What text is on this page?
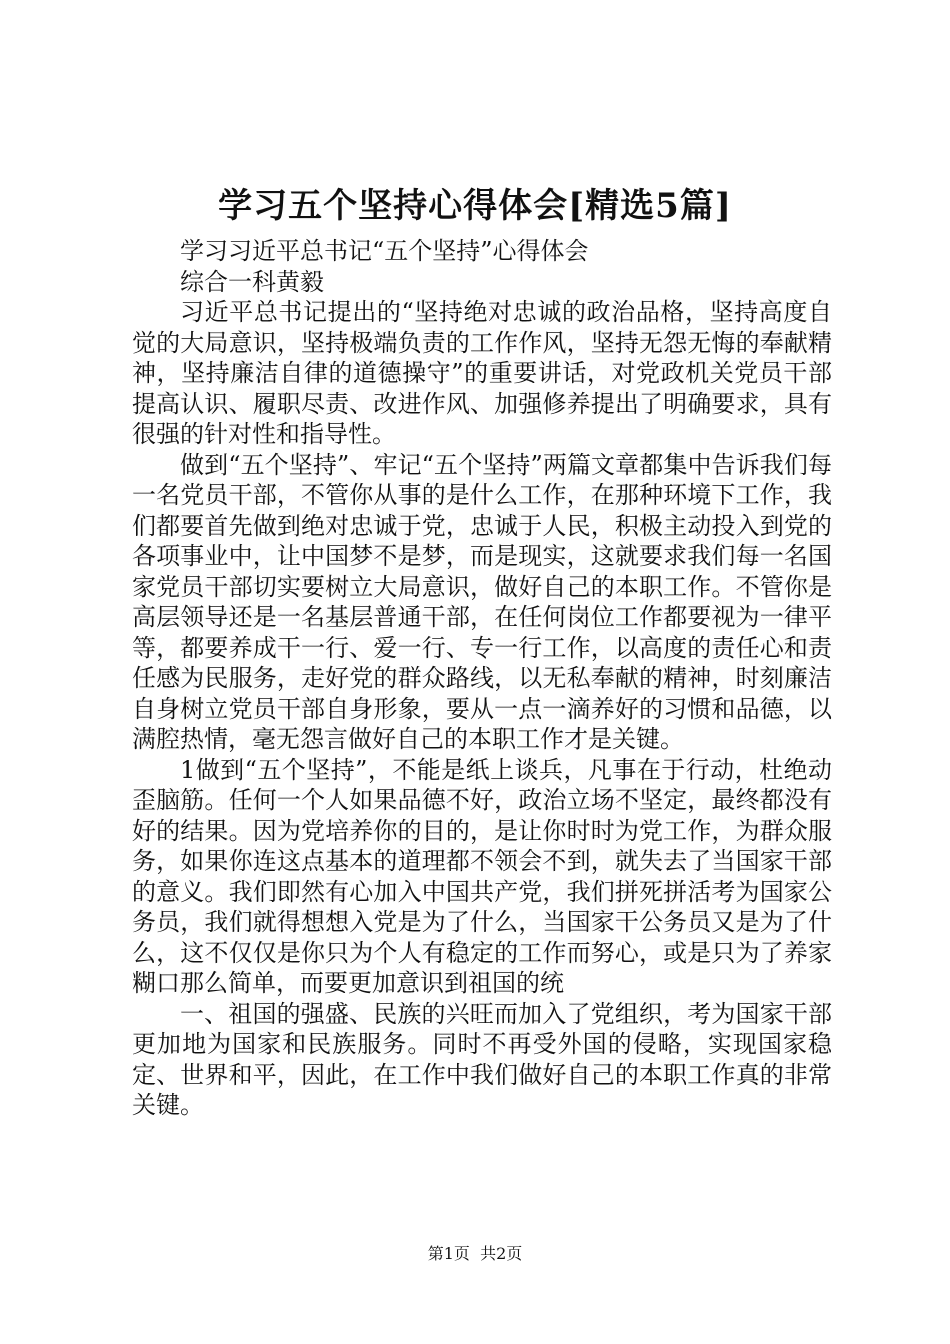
学习五个坚持心得体会[精选5篇]

学习习近平总书记“五个坚持”心得体会

综合一科黄毅

习近平总书记提出的“坚持绝对忠诚的政治品格，坚持高度自觉的大局意识，坚持极端负责的工作作风，坚持无怨无悔的奉献精神，坚持廉洁自律的道德操守”的重要讲话，对党政机关党员干部提高认识、履职尽责、改进作风、加强修养提出了明确要求，具有很强的针对性和指导性。

做到“五个坚持”、牢记“五个坚持”两篇文章都集中告诉我们每一名党员干部，不管你从事的是什么工作，在那种环境下工作，我们都要首先做到绝对忠诚于党，忠诚于人民，积极主动投入到党的各项事业中，让中国梦不是梦，而是现实，这就要求我们每一名国家党员干部切实要树立大局意识，做好自己的本职工作。不管你是高层领导还是一名基层普通干部，在任何岗位工作都要视为一律平等，都要养成干一行、爱一行、专一行工作，以高度的责任心和责任感为民服务，走好党的群众路线，以无私奉献的精神，时刻廉洁自身树立党员干部自身形象，要从一点一滴养好的习惯和品德，以满腔热情，毫无怨言做好自己的本职工作才是关键。

1做到“五个坚持”，不能是纸上谈兵，凡事在于行动，杜绝动歪脑筋。任何一个人如果品德不好，政治立场不坚定，最终都没有好的结果。因为党培养你的目的，是让你时时为党工作，为群众服务，如果你连这点基本的道理都不领会不到，就失去了当国家干部的意义。我们即然有心加入中国共产党，我们拼死拼活考为国家公务员，我们就得想想入党是为了什么，当国家干公务员又是为了什么，这不仅仅是你只为个人有稳定的工作而努心，或是只为了养家糊口那么简单，而要更加意识到祖国的统

一、祖国的强盛、民族的兴旺而加入了党组织，考为国家干部更加地为国家和民族服务。同时不再受外国的侵略，实现国家稳定、世界和平，因此，在工作中我们做好自己的本职工作真的非常关键。

第1页  共2页
